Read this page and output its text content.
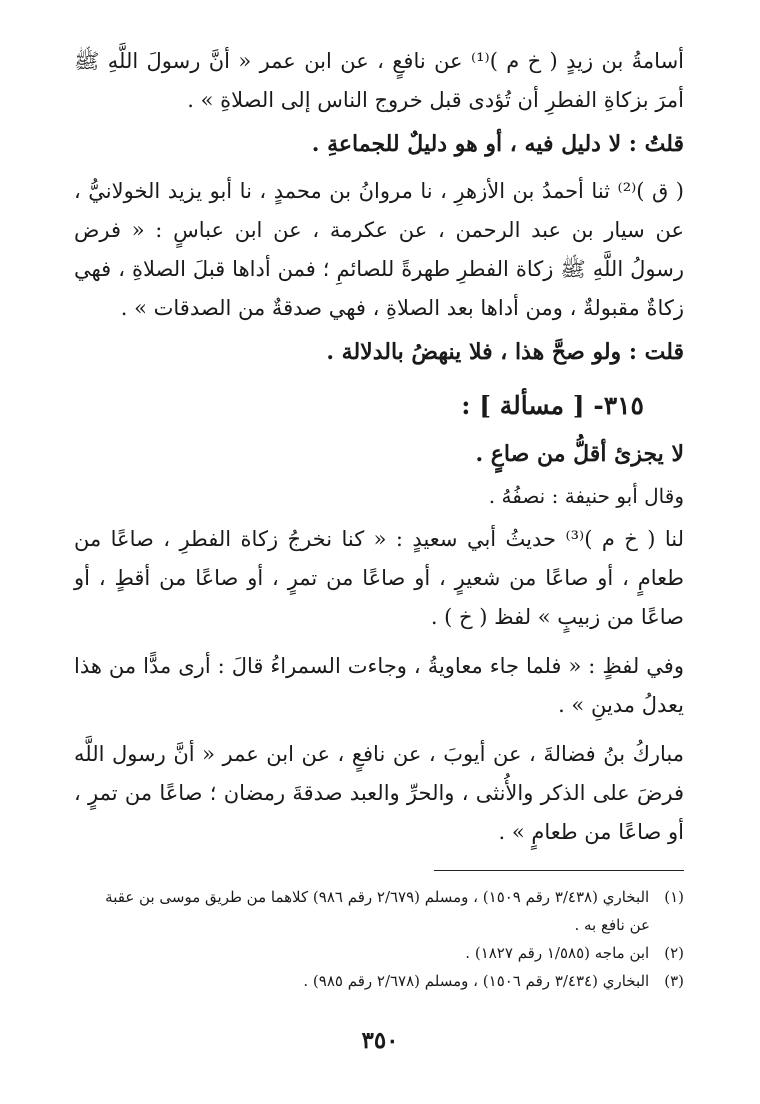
أسامةُ بن زيدٍ ( خ م )⁽¹⁾ عن نافعٍ ، عن ابن عمر « أنَّ رسولَ اللَّهِ ﷺ أمرَ بزكاةِ الفطرِ أن تُؤدى قبل خروج الناس إلى الصلاةِ » .

قلتُ : لا دليل فيه ، أو هو دليلٌ للجماعةِ .

( ق )⁽²⁾ ثنا أحمدُ بن الأزهرِ ، نا مروانُ بن محمدٍ ، نا أبو يزيد الخولانيُّ ، عن سيار بن عبد الرحمن ، عن عكرمة ، عن ابن عباسٍ : « فرض رسولُ اللَّهِ ﷺ زكاة الفطرِ طهرةً للصائمِ ؛ فمن أداها قبلَ الصلاةِ ، فهي زكاةٌ مقبولةٌ ، ومن أداها بعد الصلاةِ ، فهي صدقةٌ من الصدقات » .

قلت : ولو صحَّ هذا ، فلا ينهضُ بالدلالة .

٣١٥- [ مسألة ] :

لا يجزئ أقلُّ من صاعٍ .

وقال أبو حنيفة : نصفُهُ .

لنا ( خ م )⁽³⁾ حديثُ أبي سعيدٍ : « كنا نخرجُ زكاة الفطرِ ، صاعًا من طعامٍ ، أو صاعًا من شعيرٍ ، أو صاعًا من تمرٍ ، أو صاعًا من أقطٍ ، أو صاعًا من زبيبٍ » لفظ ( خ ) .

وفي لفظٍ : « فلما جاء معاويةُ ، وجاءت السمراءُ قالَ : أرى مدًّا من هذا يعدلُ مدينِ » .

مباركُ بنُ فضالةَ ، عن أيوبَ ، عن نافعٍ ، عن ابن عمر « أنَّ رسول اللَّه فرضَ على الذكر والأُنثى ، والحرِّ والعبد صدقةَ رمضان ؛ صاعًا من تمرٍ ، أو صاعًا من طعامٍ » .

(١) البخاري (٣/٤٣٨ رقم ١٥٠٩) ، ومسلم (٢/٦٧٩ رقم ٩٨٦) كلاهما من طريق موسى بن عقبة
عن نافع به .
(٢) ابن ماجه (١/٥٨٥ رقم ١٨٢٧) .
(٣) البخاري (٣/٤٣٤ رقم ١٥٠٦) ، ومسلم (٢/٦٧٨ رقم ٩٨٥) .
٣٥٠
